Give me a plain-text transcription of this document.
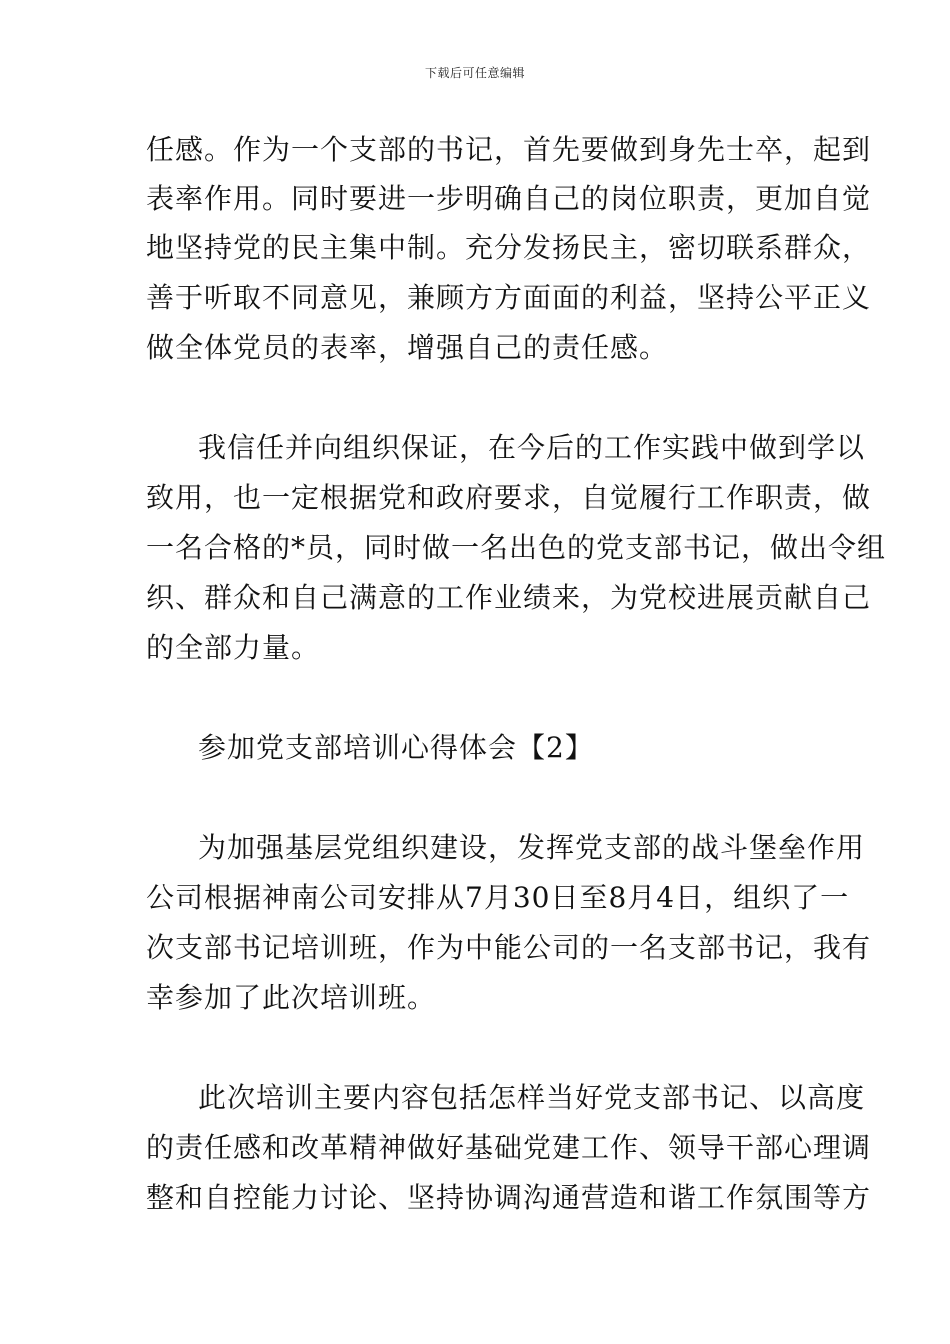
下载后可任意编辑
任感。作为一个支部的书记，首先要做到身先士卒，起到
表率作用。同时要进一步明确自己的岗位职责，更加自觉
地坚持党的民主集中制。充分发扬民主，密切联系群众，
善于听取不同意见，兼顾方方面面的利益，坚持公平正义
做全体党员的表率，增强自己的责任感。
我信任并向组织保证，在今后的工作实践中做到学以
致用，也一定根据党和政府要求，自觉履行工作职责，做
一名合格的*员，同时做一名出色的党支部书记，做出令组
织、群众和自己满意的工作业绩来，为党校进展贡献自己
的全部力量。
参加党支部培训心得体会【2】
为加强基层党组织建设，发挥党支部的战斗堡垒作用
公司根据神南公司安排从7月30日至8月4日，组织了一
次支部书记培训班，作为中能公司的一名支部书记，我有
幸参加了此次培训班。
此次培训主要内容包括怎样当好党支部书记、以高度
的责任感和改革精神做好基础党建工作、领导干部心理调
整和自控能力讨论、坚持协调沟通营造和谐工作氛围等方
